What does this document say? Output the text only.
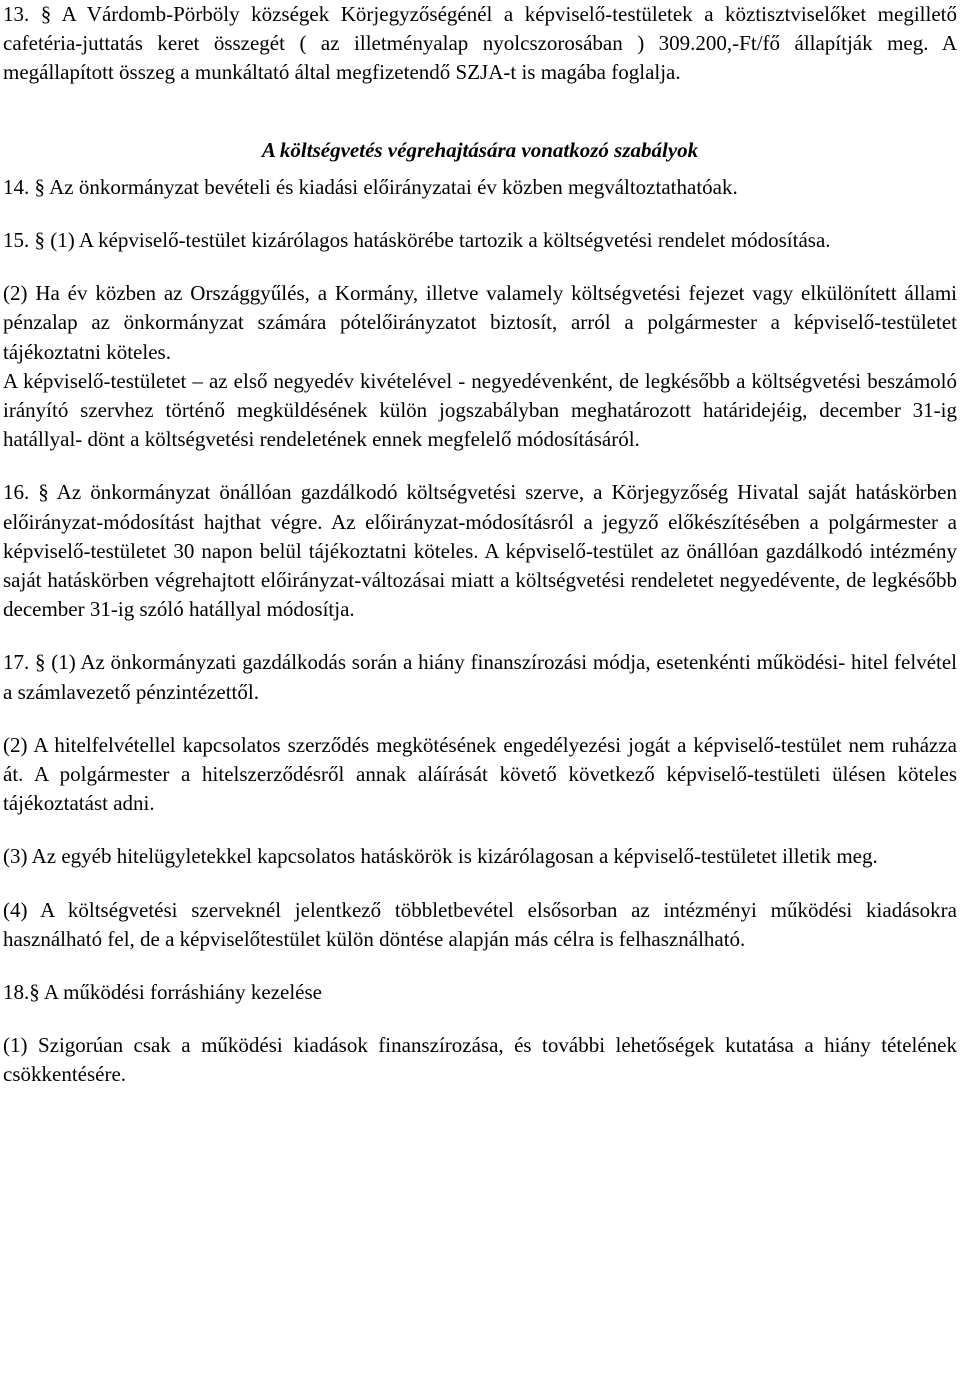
13. § A Várdomb-Pörböly községek Körjegyzőségénél a képviselő-testületek a köztisztviselőket megillető cafetéria-juttatás keret összegét ( az illetményalap nyolcszorosában ) 309.200,-Ft/fő állapítják meg. A megállapított összeg a munkáltató által megfizetendő SZJA-t is magába foglalja.

A költségvetés végrehajtására vonatkozó szabályok

14. § Az önkormányzat bevételi és kiadási előirányzatai év közben megváltoztathatóak.

15. § (1) A képviselő-testület kizárólagos hatáskörébe tartozik a költségvetési rendelet módosítása.

(2) Ha év közben az Országgyűlés, a Kormány, illetve valamely költségvetési fejezet vagy elkülönített állami pénzalap az önkormányzat számára pótelőirányzatot biztosít, arról a polgármester a képviselő-testületet tájékoztatni köteles.

A képviselő-testületet – az első negyedév kivételével - negyedévenként, de legkésőbb a költségvetési beszámoló irányító szervhez történő megküldésének külön jogszabályban meghatározott határidejéig, december 31-ig hatállyal- dönt a költségvetési rendeletének ennek megfelelő módosításáról.

16. § Az önkormányzat önállóan gazdálkodó költségvetési szerve, a Körjegyzőség Hivatal saját hatáskörben előirányzat-módosítást hajthat végre. Az előirányzat-módosításról a jegyző előkészítésében a polgármester a képviselő-testületet 30 napon belül tájékoztatni köteles. A képviselő-testület az önállóan gazdálkodó intézmény saját hatáskörben végrehajtott előirányzat-változásai miatt a költségvetési rendeletet negyedévente, de legkésőbb december 31-ig szóló hatállyal módosítja.

17. § (1) Az önkormányzati gazdálkodás során a hiány finanszírozási módja, esetenkénti működési- hitel felvétel a számlavezető pénzintézettől.

(2) A hitelfelvétellel kapcsolatos szerződés megkötésének engedélyezési jogát a képviselő-testület nem ruházza át. A polgármester a hitelszerződésről annak aláírását követő következő képviselő-testületi ülésen köteles tájékoztatást adni.

(3) Az egyéb hitelügyletekkel kapcsolatos hatáskörök is kizárólagosan a képviselő-testületet illetik meg.

(4) A költségvetési szerveknél jelentkező többletbevétel elsősorban az intézményi működési kiadásokra használható fel, de a képviselőtestület külön döntése alapján más célra is felhasználható.

18.§ A működési forráshiány kezelése

(1) Szigorúan csak a működési kiadások finanszírozása, és további lehetőségek kutatása a hiány tételének csökkentésére.
